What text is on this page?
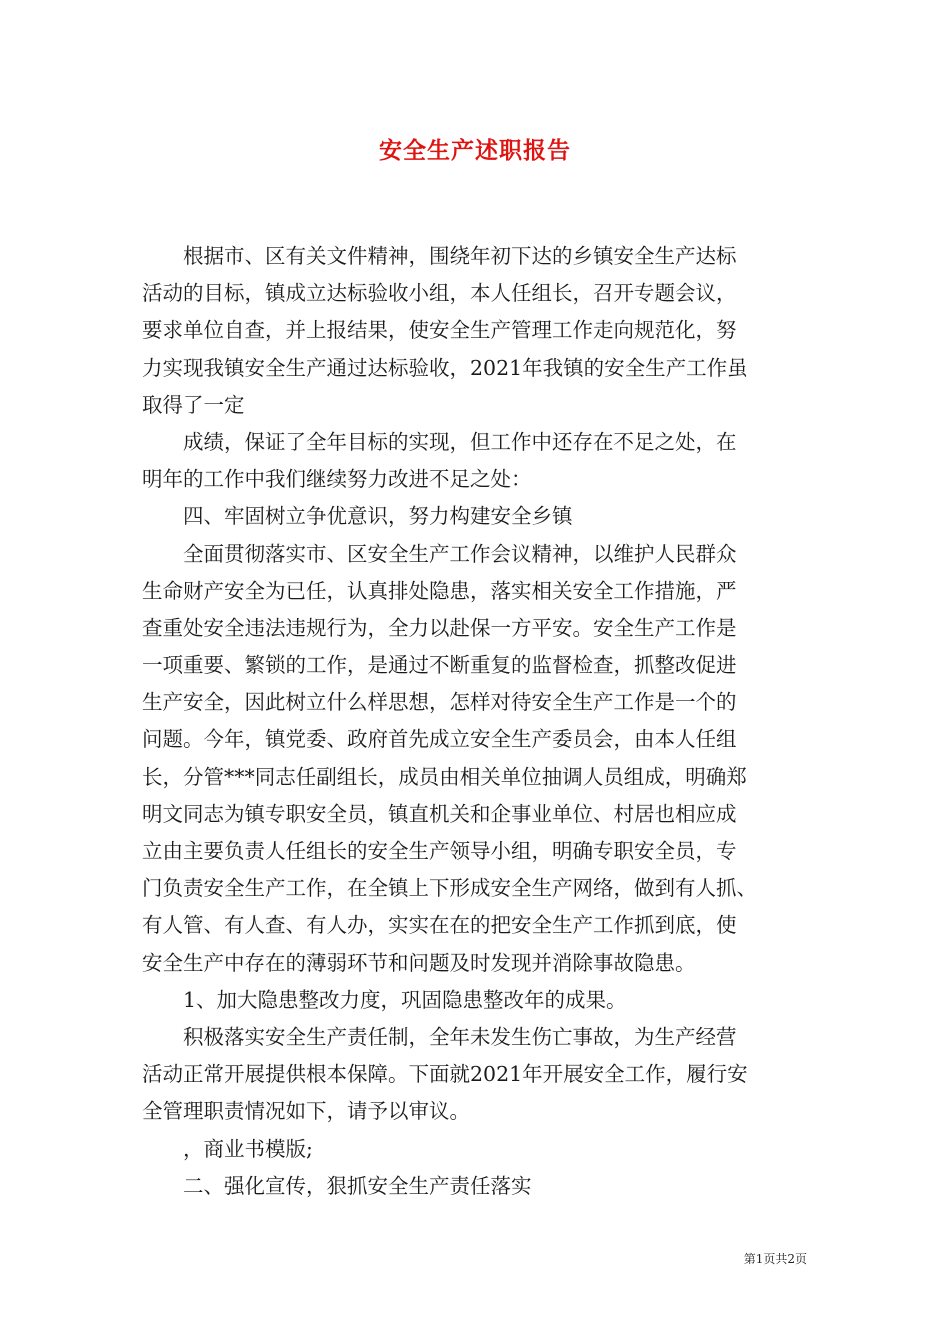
安全生产述职报告
根据市、区有关文件精神，围绕年初下达的乡镇安全生产达标
活动的目标，镇成立达标验收小组，本人任组长，召开专题会议，
要求单位自查，并上报结果，使安全生产管理工作走向规范化，努
力实现我镇安全生产通过达标验收，2021年我镇的安全生产工作虽
取得了一定
成绩，保证了全年目标的实现，但工作中还存在不足之处，在
明年的工作中我们继续努力改进不足之处：
四、牢固树立争优意识，努力构建安全乡镇
全面贯彻落实市、区安全生产工作会议精神，以维护人民群众
生命财产安全为已任，认真排处隐患，落实相关安全工作措施，严
查重处安全违法违规行为，全力以赴保一方平安。安全生产工作是
一项重要、繁锁的工作，是通过不断重复的监督检查，抓整改促进
生产安全，因此树立什么样思想，怎样对待安全生产工作是一个的
问题。今年，镇党委、政府首先成立安全生产委员会，由本人任组
长，分管***同志任副组长，成员由相关单位抽调人员组成，明确郑
明文同志为镇专职安全员，镇直机关和企事业单位、村居也相应成
立由主要负责人任组长的安全生产领导小组，明确专职安全员，专
门负责安全生产工作，在全镇上下形成安全生产网络，做到有人抓、
有人管、有人查、有人办，实实在在的把安全生产工作抓到底，使
安全生产中存在的薄弱环节和问题及时发现并消除事故隐患。
1、加大隐患整改力度，巩固隐患整改年的成果。
积极落实安全生产责任制，全年未发生伤亡事故，为生产经营
活动正常开展提供根本保障。下面就2021年开展安全工作，履行安
全管理职责情况如下，请予以审议。
，商业书模版;
二、强化宣传，狠抓安全生产责任落实
第1页共2页
